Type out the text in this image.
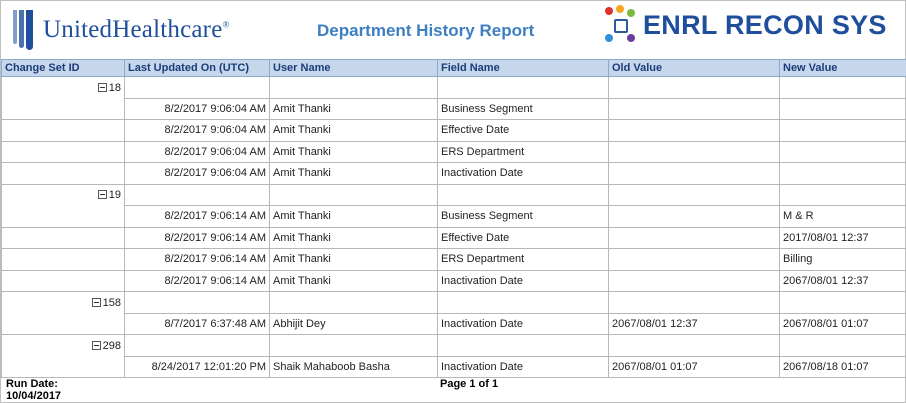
UnitedHealthcare®	Department History Report	ENRL RECON SYS
Change Set ID	Last Updated On (UTC)	User Name	Field Name	Old Value	New Value
18					
	8/2/2017 9:06:04 AM	Amit Thanki	Business Segment		
	8/2/2017 9:06:04 AM	Amit Thanki	Effective Date		
	8/2/2017 9:06:04 AM	Amit Thanki	ERS Department		
	8/2/2017 9:06:04 AM	Amit Thanki	Inactivation Date		
19					
	8/2/2017 9:06:14 AM	Amit Thanki	Business Segment		M & R
	8/2/2017 9:06:14 AM	Amit Thanki	Effective Date		2017/08/01 12:37
	8/2/2017 9:06:14 AM	Amit Thanki	ERS Department		Billing
	8/2/2017 9:06:14 AM	Amit Thanki	Inactivation Date		2067/08/01 12:37
158					
	8/7/2017 6:37:48 AM	Abhijit Dey	Inactivation Date	2067/08/01 12:37	2067/08/01 01:07
298					
	8/24/2017 12:01:20 PM	Shaik Mahaboob Basha	Inactivation Date	2067/08/01 01:07	2067/08/18 01:07
Run Date:
10/04/2017
Page 1 of 1
